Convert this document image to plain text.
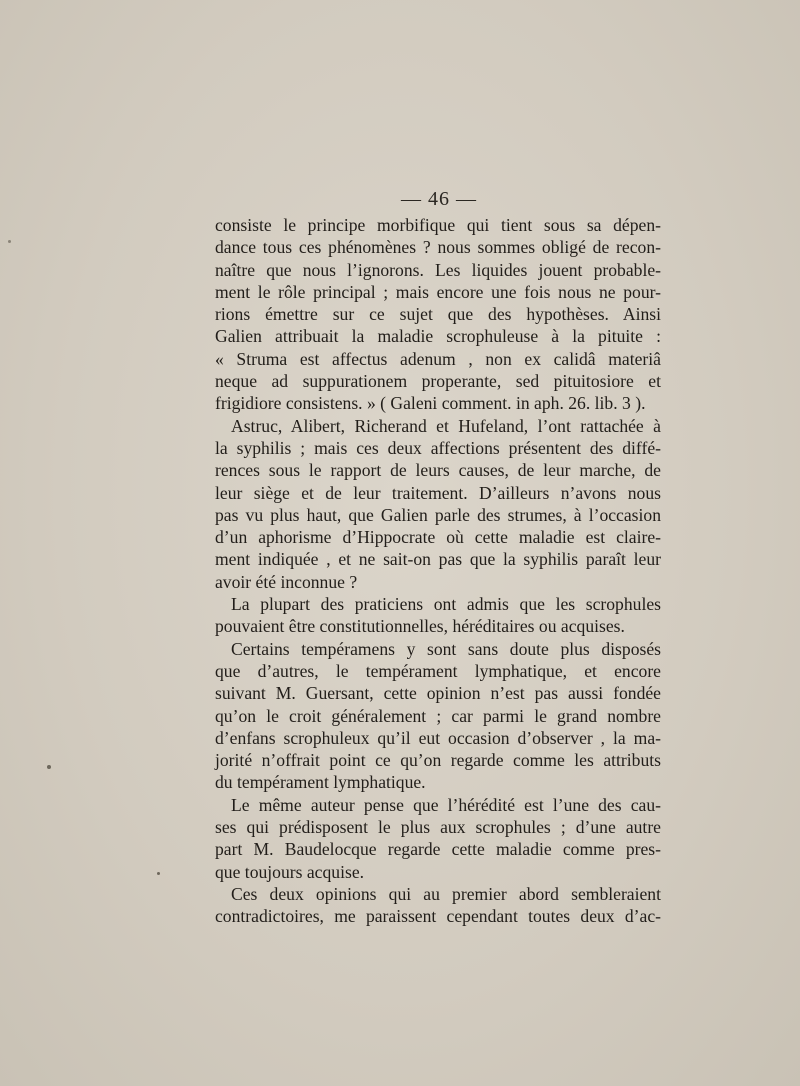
— 46 —
consiste le principe morbifique qui tient sous sa dépen-
dance tous ces phénomènes ? nous sommes obligé de recon-
naître que nous l’ignorons. Les liquides jouent probable-
ment le rôle principal ; mais encore une fois nous ne pour-
rions émettre sur ce sujet que des hypothèses. Ainsi
Galien attribuait la maladie scrophuleuse à la pituite :
« Struma est affectus adenum , non ex calidâ materiâ
neque ad suppurationem properante, sed pituitosiore et
frigidiore consistens. » ( Galeni comment. in aph. 26. lib. 3 ).
Astruc, Alibert, Richerand et Hufeland, l’ont rattachée à
la syphilis ; mais ces deux affections présentent des diffé-
rences sous le rapport de leurs causes, de leur marche, de
leur siège et de leur traitement. D’ailleurs n’avons nous
pas vu plus haut, que Galien parle des strumes, à l’occasion
d’un aphorisme d’Hippocrate où cette maladie est claire-
ment indiquée , et ne sait-on pas que la syphilis paraît leur
avoir été inconnue ?
La plupart des praticiens ont admis que les scrophules
pouvaient être constitutionnelles, héréditaires ou acquises.
Certains tempéramens y sont sans doute plus disposés
que d’autres, le tempérament lymphatique, et encore
suivant M. Guersant, cette opinion n’est pas aussi fondée
qu’on le croit généralement ; car parmi le grand nombre
d’enfans scrophuleux qu’il eut occasion d’observer , la ma-
jorité n’offrait point ce qu’on regarde comme les attributs
du tempérament lymphatique.
Le même auteur pense que l’hérédité est l’une des cau-
ses qui prédisposent le plus aux scrophules ; d’une autre
part M. Baudelocque regarde cette maladie comme pres-
que toujours acquise.
Ces deux opinions qui au premier abord sembleraient
contradictoires, me paraissent cependant toutes deux d’ac-
